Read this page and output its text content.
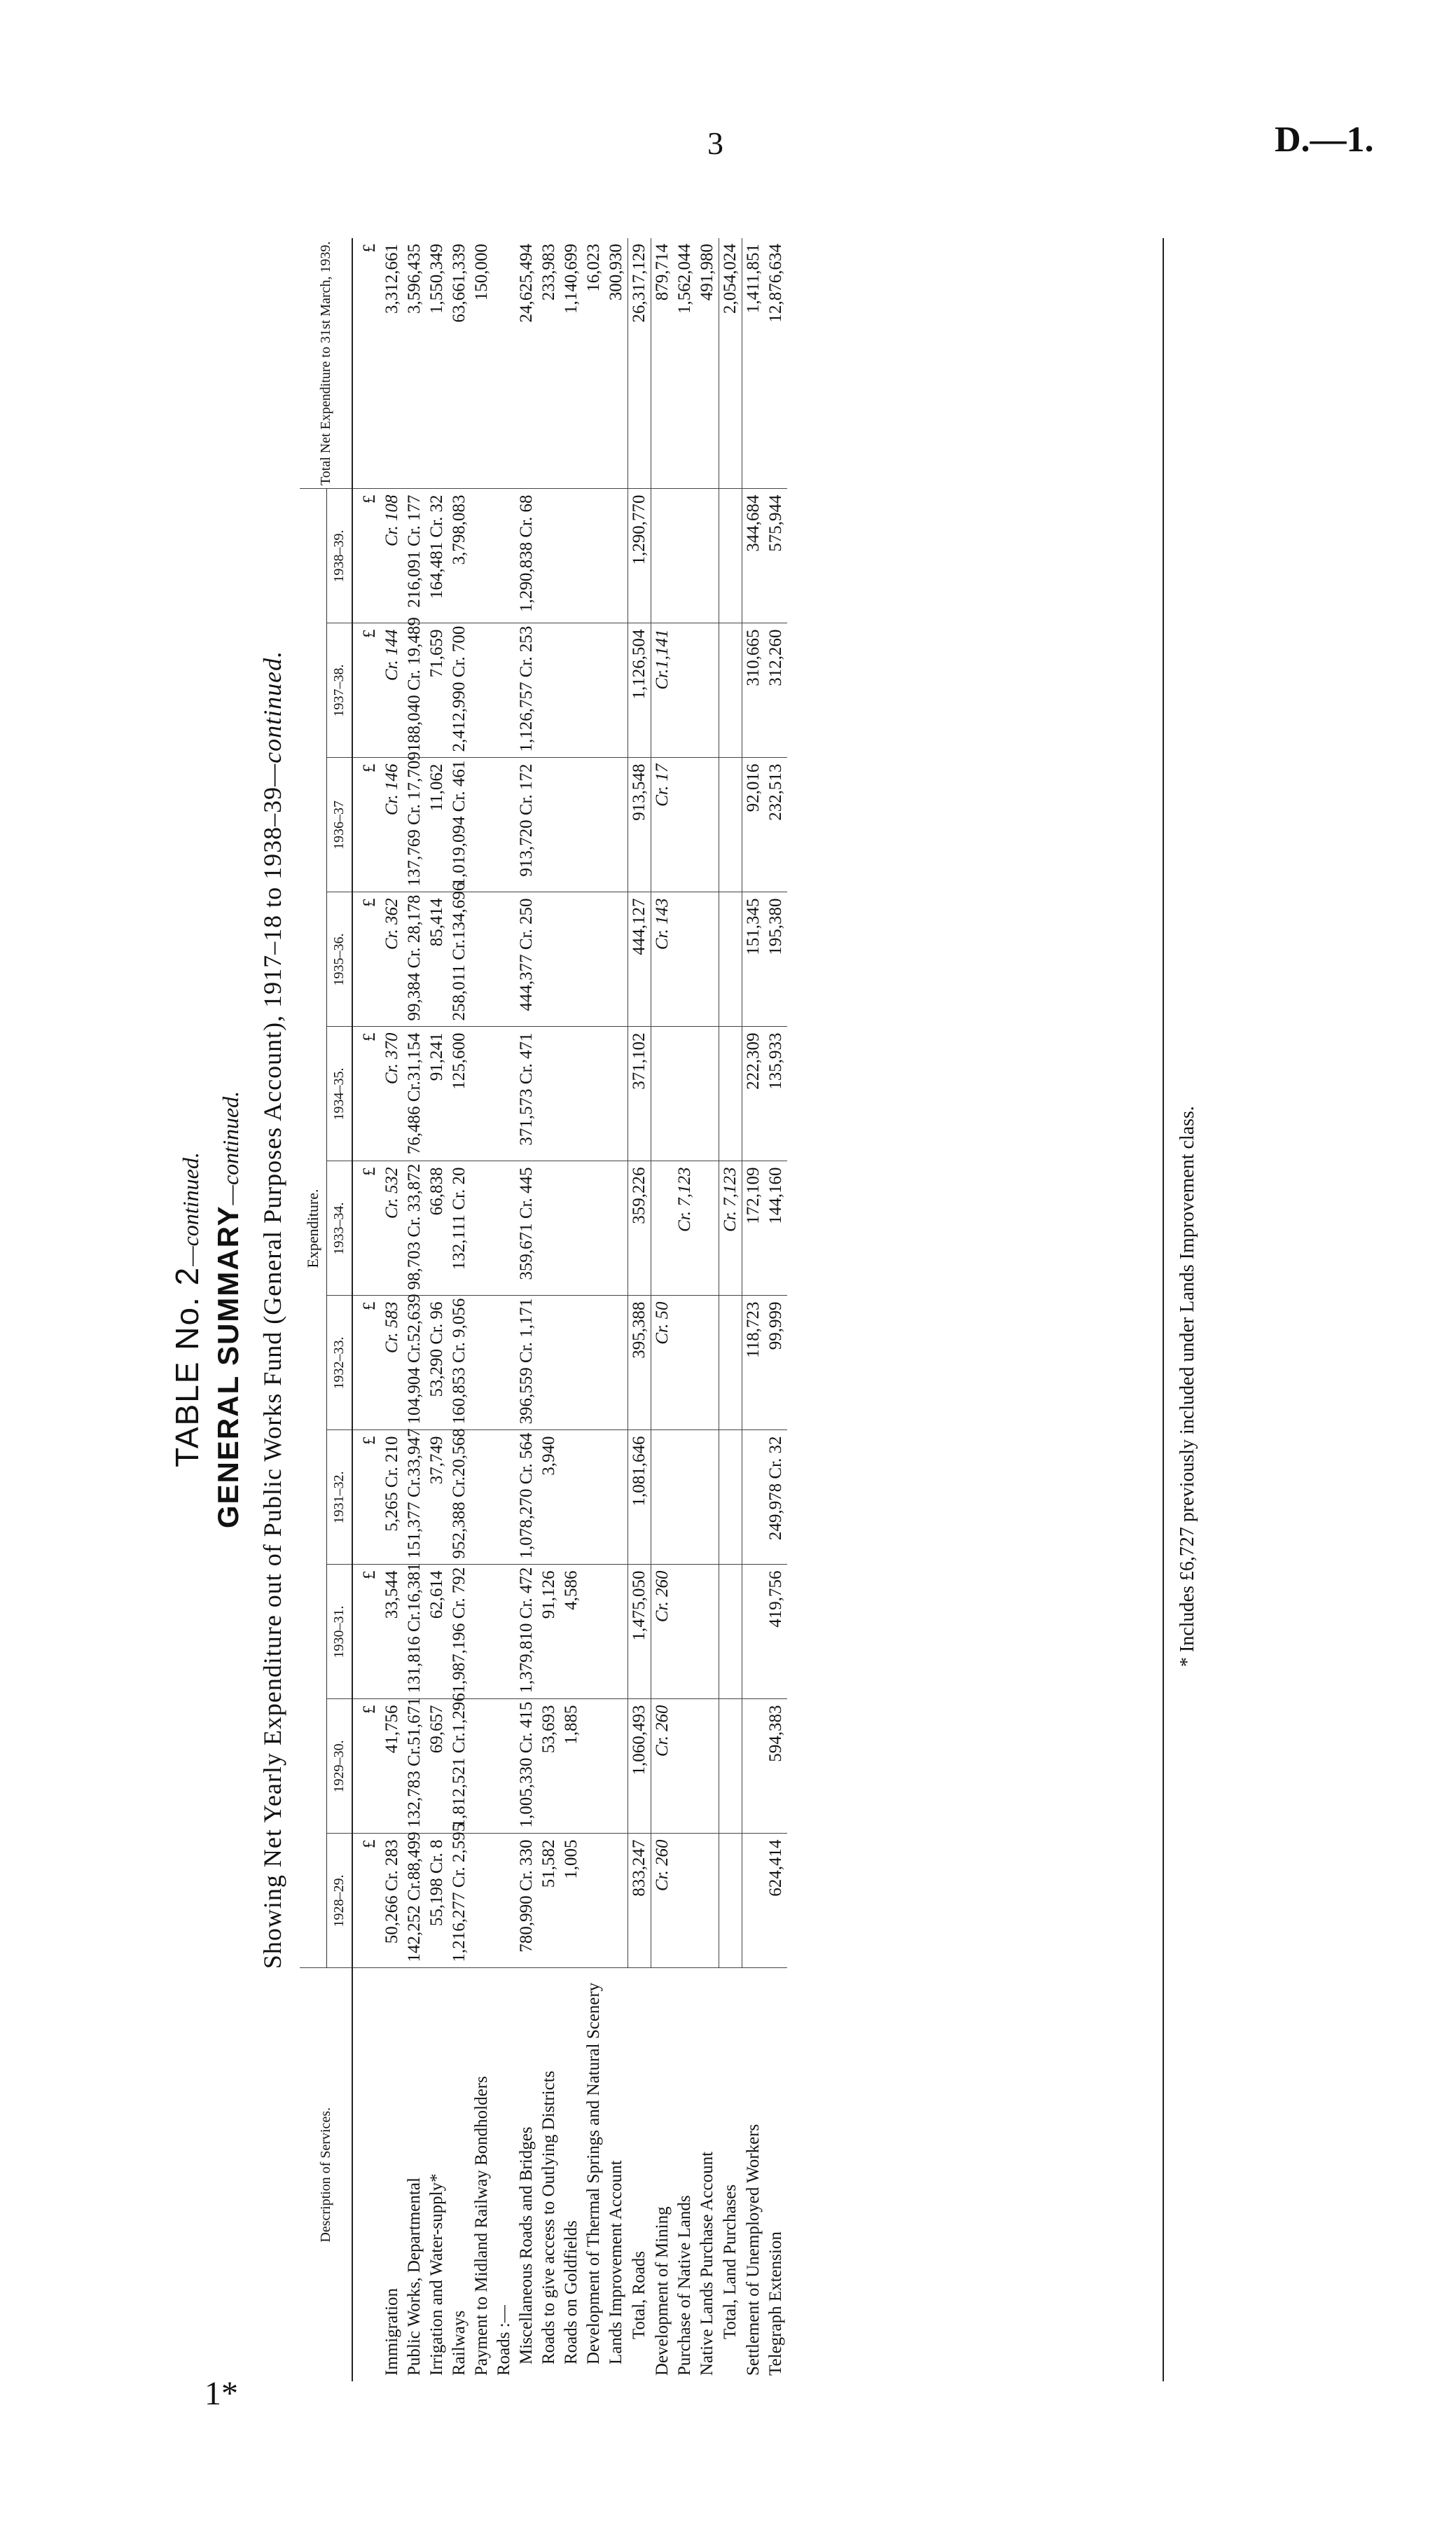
3	D.—1.
1*
TABLE No. 2—continued. GENERAL SUMMARY—continued. Showing Net Yearly Expenditure out of Public Works Fund (General Purposes Account), 1917–18 to 1938–39—continued.
Description of Services.	Expenditure.											Total Net Expenditure to 31st March, 1939.
	1928–29.	1929–30.	1930–31.	1931–32.	1932–33.	1933–34.	1934–35.	1935–36.	1936–37	1937–38.	1938–39.	
	£	£	£	£	£	£	£	£	£	£	£	£
Immigration	50,266 Cr. 283	41,756	33,544	5,265 Cr. 210	Cr. 583	Cr. 532	Cr. 370	Cr. 362	Cr. 146	Cr. 144	Cr. 108	3,312,661
Public Works, Departmental	142,252 Cr.88,499	132,783 Cr.51,671	131,816 Cr.16,381	151,377 Cr.33,947	104,904 Cr.52,639	98,703 Cr. 33,872	76,486 Cr.31,154	99,384 Cr. 28,178	137,769 Cr. 17,709	188,040 Cr. 19,489	216,091 Cr. 177	3,596,435
Irrigation and Water-supply*	55,198 Cr. 8	69,657	62,614	37,749	53,290 Cr. 96	66,838	91,241	85,414	11,062	71,659	164,481 Cr. 32	1,550,349
Railways	1,216,277 Cr. 2,595	1,812,521 Cr.1,296	1,987,196 Cr. 792	952,388 Cr.20,568	160,853 Cr. 9,056	132,111 Cr. 20	125,600	258,011 Cr.134,696	1,019,094 Cr. 461	2,412,990 Cr. 700	3,798,083	63,661,339
Payment to Midland Railway Bondholders												150,000
Roads :—												
Miscellaneous Roads and Bridges	780,990 Cr. 330	1,005,330 Cr. 415	1,379,810 Cr. 472	1,078,270 Cr. 564	396,559 Cr. 1,171	359,671 Cr. 445	371,573 Cr. 471	444,377 Cr. 250	913,720 Cr. 172	1,126,757 Cr. 253	1,290,838 Cr. 68	24,625,494
Roads to give access to Outlying Districts	51,582	53,693	91,126	3,940								233,983
Roads on Goldfields	1,005	1,885	4,586									1,140,699
Development of Thermal Springs and Natural Scenery												16,023
Lands Improvement Account												300,930
Total, Roads	833,247	1,060,493	1,475,050	1,081,646	395,388	359,226	371,102	444,127	913,548	1,126,504	1,290,770	26,317,129
Development of Mining	Cr. 260	Cr. 260	Cr. 260		Cr. 50			Cr. 143	Cr. 17	Cr.1,141		879,714
Purchase of Native Lands						Cr. 7,123						1,562,044
Native Lands Purchase Account												491,980
Total, Land Purchases						Cr. 7,123						2,054,024
Settlement of Unemployed Workers					118,723	172,109	222,309	151,345	92,016	310,665	344,684	1,411,851
Telegraph Extension	624,414	594,383	419,756	249,978 Cr. 32	99,999	144,160	135,933	195,380	232,513	312,260	575,944	12,876,634
* Includes £6,727 previously included under Lands Improvement class.
